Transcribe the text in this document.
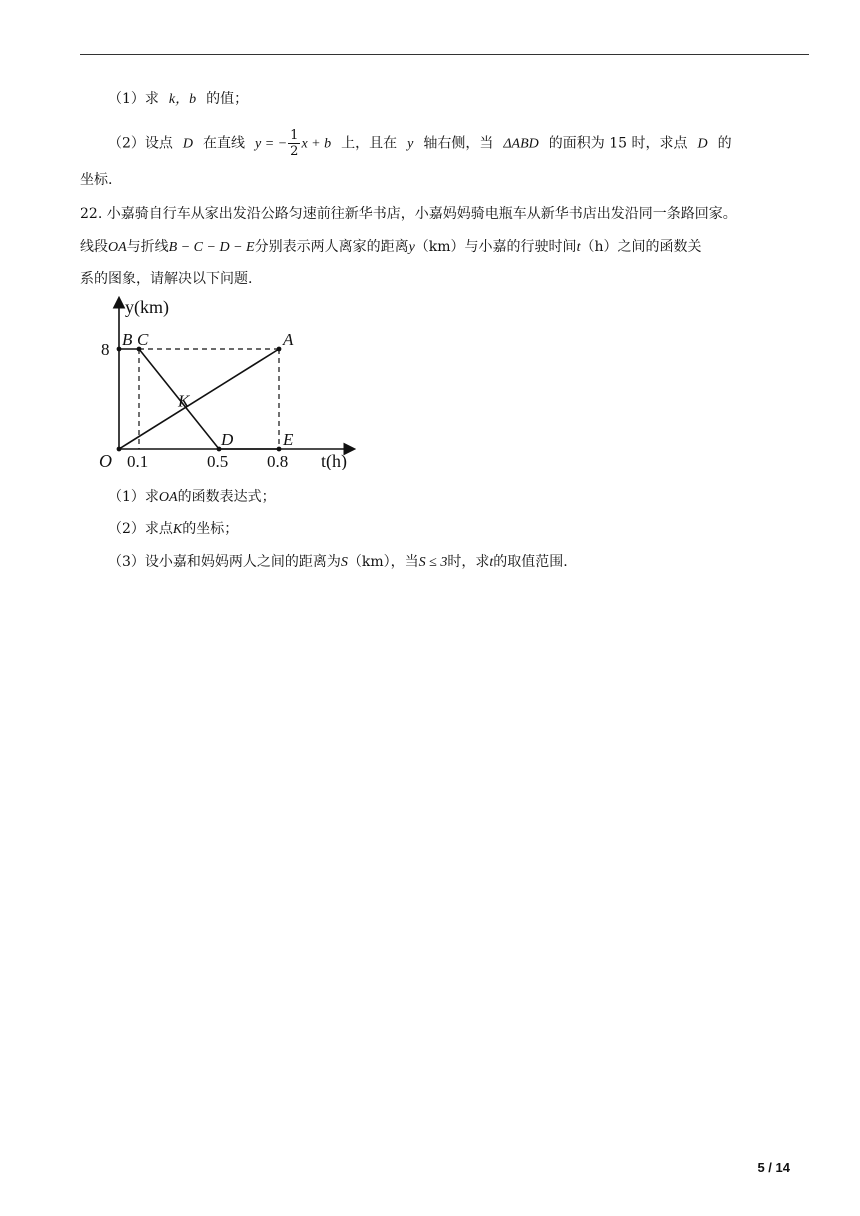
（1）求 k，b 的值；
（2）设点 D 在直线 y = − $\frac{1}{2}$ x + b 上，且在 y 轴右侧，当 ΔABD 的面积为 15 时，求点 D 的
坐标.
22. 小嘉骑自行车从家出发沿公路匀速前往新华书店，小嘉妈妈骑电瓶车从新华书店出发沿同一条路回家。
线段OA与折线B − C − D − E分别表示两人离家的距离y（km）与小嘉的行驶时间t（h）之间的函数关
系的图象，请解决以下问题.
y(km)
t(h)
8
O 0.1	0.5 0.8
B C	A
K
D	E
（1）求OA的函数表达式；
（2）求点K的坐标；
（3）设小嘉和妈妈两人之间的距离为S（km），当S ≤ 3时，求t的取值范围.
5 / 14
